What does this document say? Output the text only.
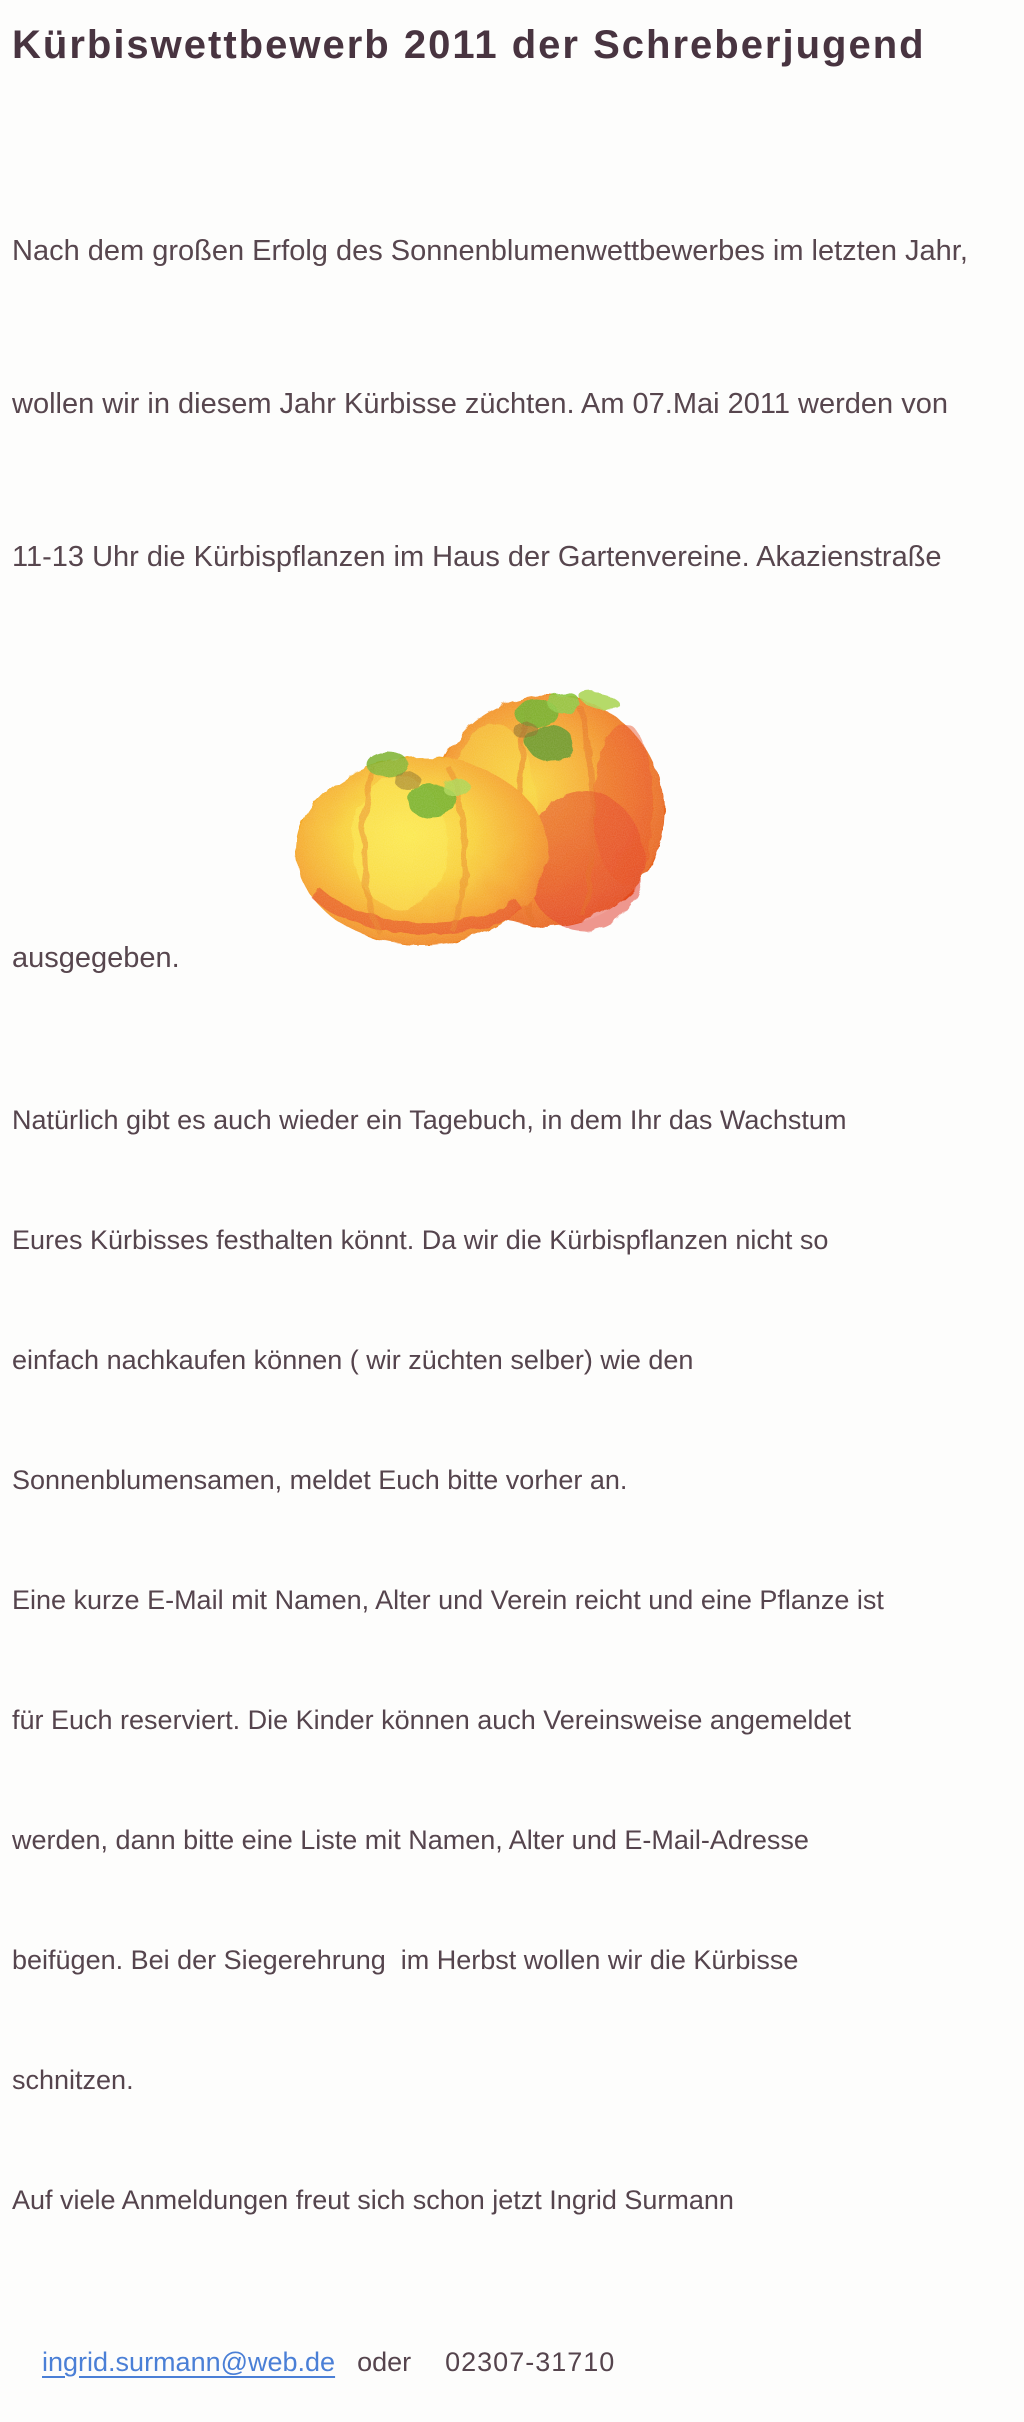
Kürbiswettbewerb 2011 der Schreberjugend

Nach dem großen Erfolg des Sonnenblumenwettbewerbes im letzten Jahr,

wollen wir in diesem Jahr Kürbisse züchten. Am 07.Mai 2011 werden von

11-13 Uhr die Kürbispflanzen im Haus der Gartenvereine. Akazienstraße

ausgegeben.

Natürlich gibt es auch wieder ein Tagebuch, in dem Ihr das Wachstum

Eures Kürbisses festhalten könnt. Da wir die Kürbispflanzen nicht so

einfach nachkaufen können ( wir züchten selber) wie den

Sonnenblumensamen, meldet Euch bitte vorher an.

Eine kurze E-Mail mit Namen, Alter und Verein reicht und eine Pflanze ist

für Euch reserviert. Die Kinder können auch Vereinsweise angemeldet

werden, dann bitte eine Liste mit Namen, Alter und E-Mail-Adresse

beifügen. Bei der Siegerehrung  im Herbst wollen wir die Kürbisse

schnitzen.

Auf viele Anmeldungen freut sich schon jetzt Ingrid Surmann

ingrid.surmann@web.de oder 02307-31710
